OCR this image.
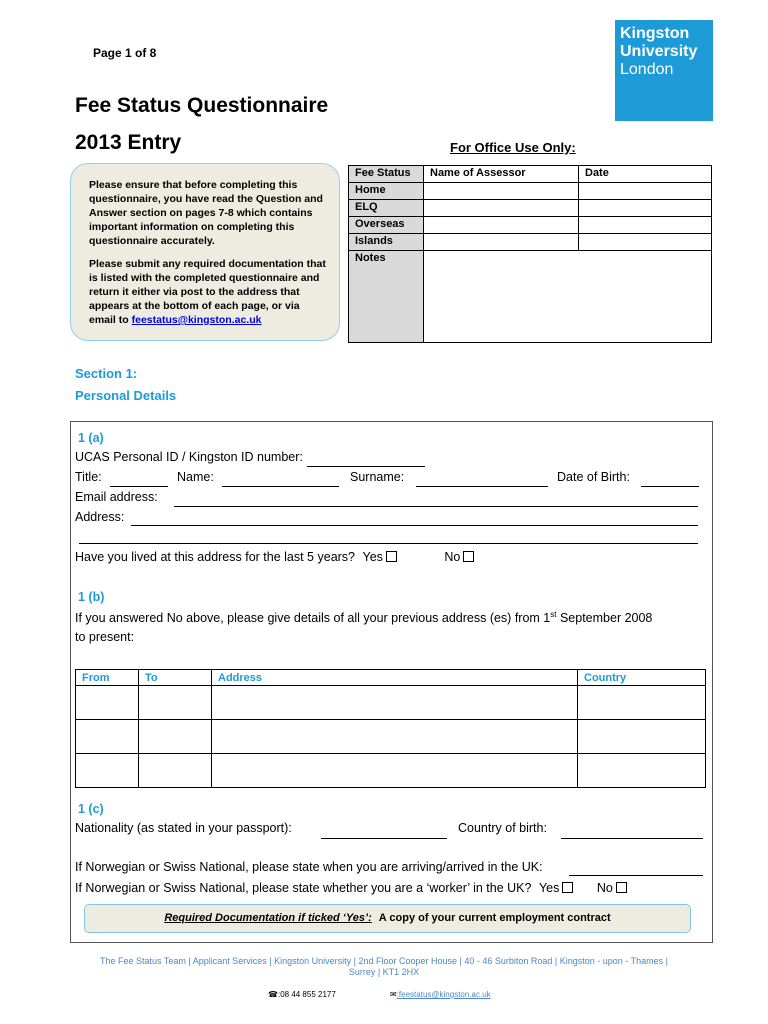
Page 1 of 8
Fee Status Questionnaire
2013 Entry
Kingston
University
London
For Office Use Only:
Fee Status	Name of Assessor	Date
Home		
ELQ		
Overseas		
Islands		
Notes		

Please ensure that before completing this questionnaire, you have read the Question and Answer section on pages 7-8 which contains important information on completing this questionnaire accurately.

Please submit any required documentation that is listed with the completed questionnaire and return it either via post to the address that appears at the bottom of each page, or via email to feestatus@kingston.ac.uk

Section 1:
Personal Details
1 (a)
UCAS Personal ID / Kingston ID number:
Title:	Name:	Surname:	Date of Birth:
Email address:
Address:
Have you lived at this address for the last 5 years? Yes	No
1 (b)
If you answered No above, please give details of all your previous address (es) from 1st September 2008
to present:
From	To	Address	Country

1 (c)
Nationality (as stated in your passport):	Country of birth:
If Norwegian or Swiss National, please state when you are arriving/arrived in the UK:
If Norwegian or Swiss National, please state whether you are a ‘worker’ in the UK? Yes	No
Required Documentation if ticked ‘Yes’: A copy of your current employment contract
The Fee Status Team | Applicant Services | Kingston University | 2nd Floor Cooper House | 40 - 46 Surbiton Road | Kingston - upon - Thames |
Surrey | KT1 2HX
☎:08 44 855 2177	✉:feestatus@kingston.ac.uk
